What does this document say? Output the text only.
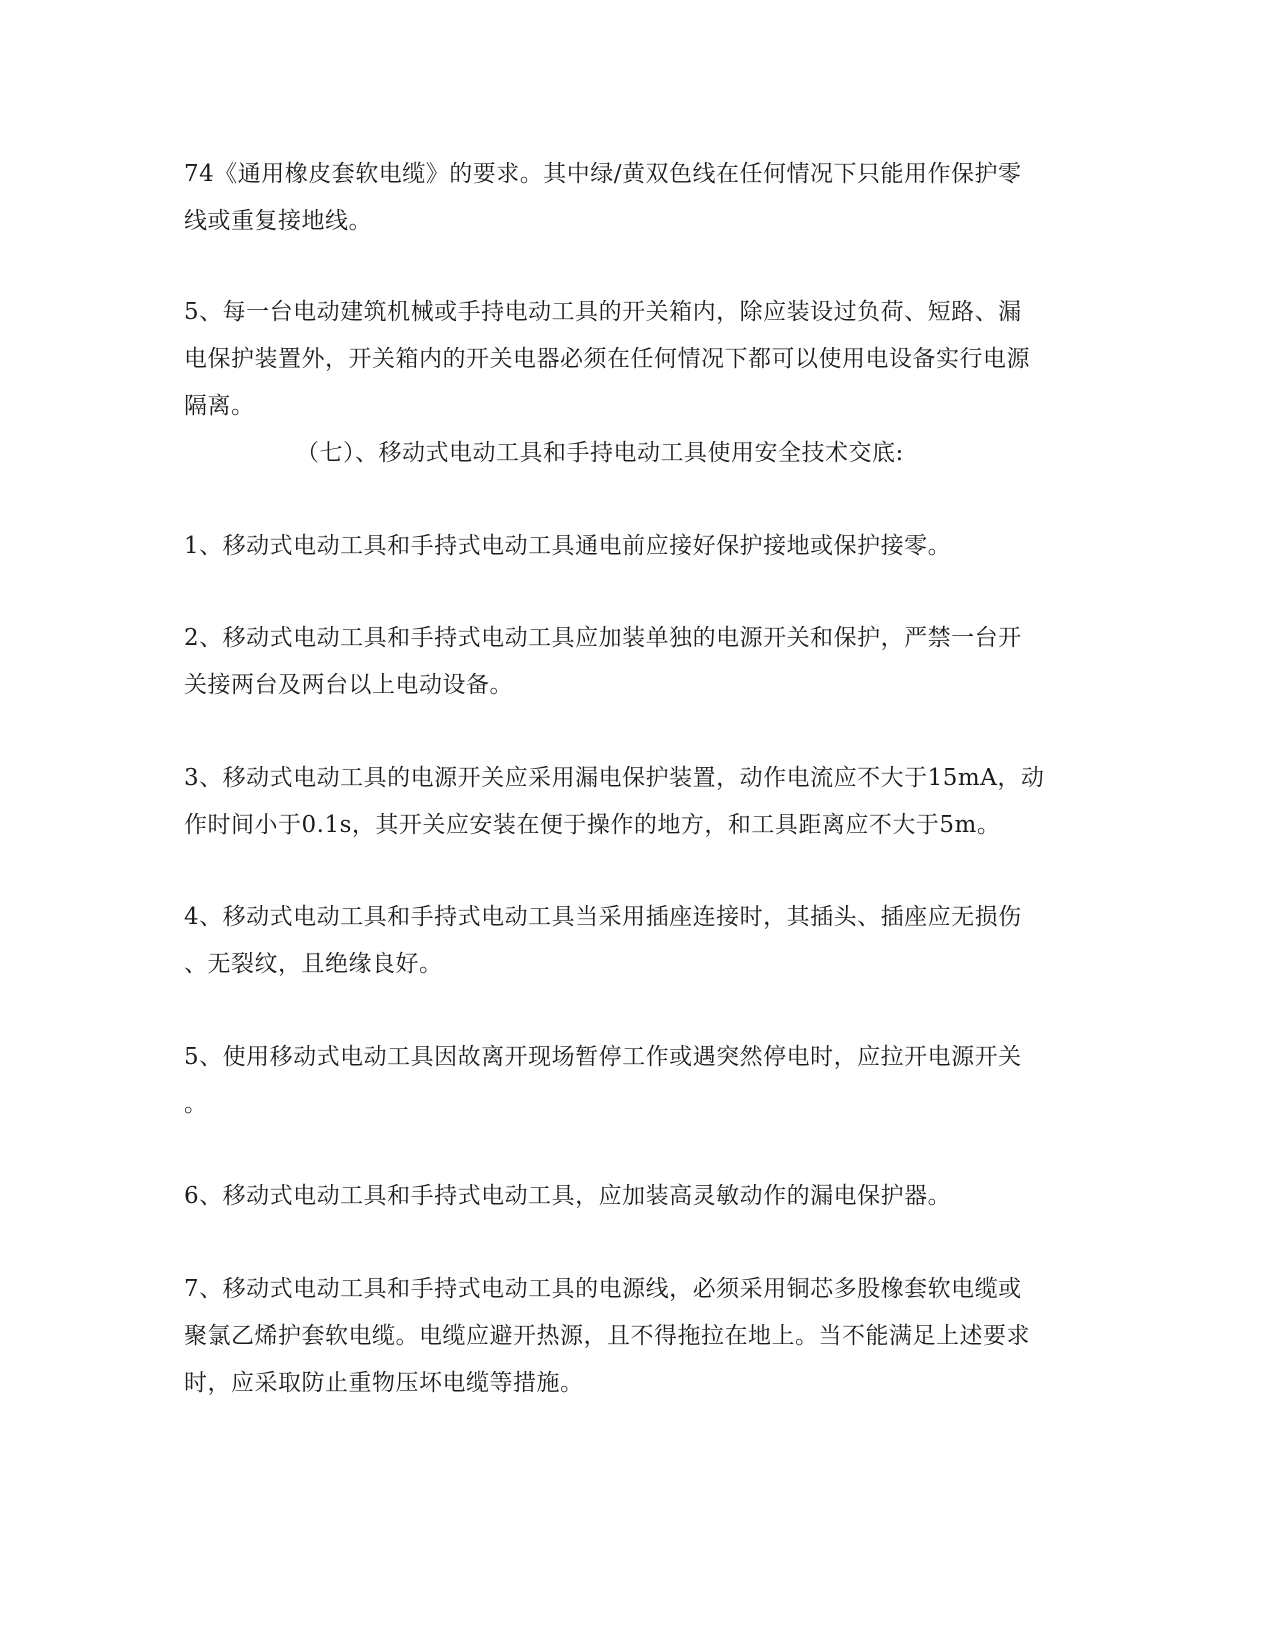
74《通用橡皮套软电缆》的要求。其中绿/黄双色线在任何情况下只能用作保护零
线或重复接地线。
5、每一台电动建筑机械或手持电动工具的开关箱内，除应装设过负荷、短路、漏
电保护装置外，开关箱内的开关电器必须在任何情况下都可以使用电设备实行电源
隔离。
（七）、移动式电动工具和手持电动工具使用安全技术交底:
1、移动式电动工具和手持式电动工具通电前应接好保护接地或保护接零。
2、移动式电动工具和手持式电动工具应加装单独的电源开关和保护，严禁一台开
关接两台及两台以上电动设备。
3、移动式电动工具的电源开关应采用漏电保护装置，动作电流应不大于15mA，动
作时间小于0.1s，其开关应安装在便于操作的地方，和工具距离应不大于5m。
4、移动式电动工具和手持式电动工具当采用插座连接时，其插头、插座应无损伤
、无裂纹，且绝缘良好。
5、使用移动式电动工具因故离开现场暂停工作或遇突然停电时，应拉开电源开关
。
6、移动式电动工具和手持式电动工具，应加装高灵敏动作的漏电保护器。
7、移动式电动工具和手持式电动工具的电源线，必须采用铜芯多股橡套软电缆或
聚氯乙烯护套软电缆。电缆应避开热源，且不得拖拉在地上。当不能满足上述要求
时，应采取防止重物压坏电缆等措施。
